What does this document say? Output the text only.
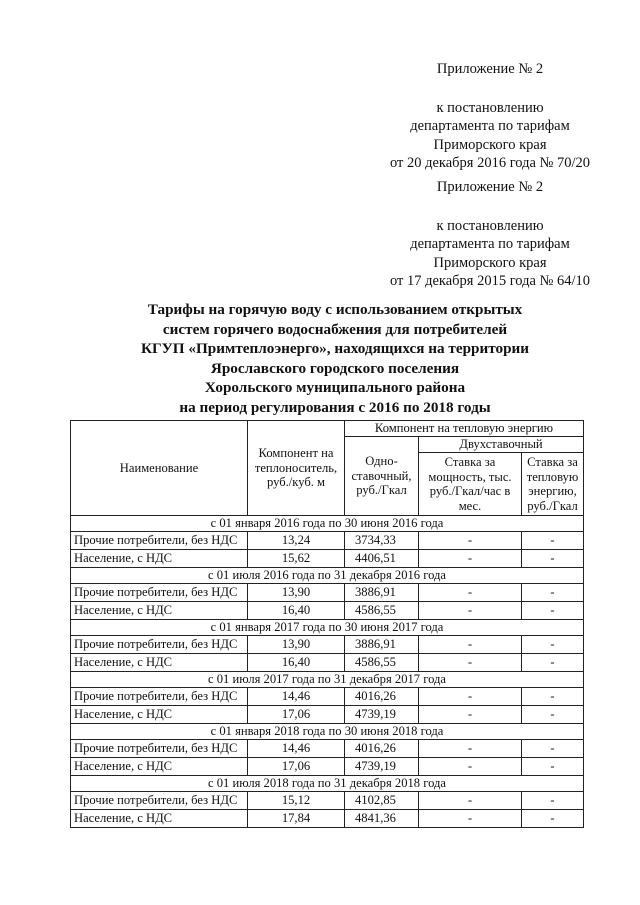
Приложение № 2
к постановлению
департамента по тарифам
Приморского края
от 20 декабря 2016 года № 70/20
Приложение № 2
к постановлению
департамента по тарифам
Приморского края
от 17 декабря 2015 года № 64/10
Тарифы на горячую воду с использованием открытых
систем горячего водоснабжения для потребителей
КГУП «Примтеплоэнерго», находящихся на территории
Ярославского городского поселения
Хорольского муниципального района
на период регулирования с 2016 по 2018 годы
Наименование	Компонент на теплоноситель, руб./куб. м	Компонент на тепловую энергию		
		Одно-ставочный, руб./Гкал	Двухставочный	
			Ставка за мощность, тыс. руб./Гкал/час в мес.	Ставка за тепловую энергию, руб./Гкал
с 01 января 2016 года по 30 июня 2016 года				
Прочие потребители, без НДС	13,24	3734,33	-	-
Население, с НДС	15,62	4406,51	-	-
с 01 июля 2016 года по 31 декабря 2016 года				
Прочие потребители, без НДС	13,90	3886,91	-	-
Население, с НДС	16,40	4586,55	-	-
с 01 января 2017 года по 30 июня 2017 года				
Прочие потребители, без НДС	13,90	3886,91	-	-
Население, с НДС	16,40	4586,55	-	-
с 01 июля 2017 года по 31 декабря 2017 года				
Прочие потребители, без НДС	14,46	4016,26	-	-
Население, с НДС	17,06	4739,19	-	-
с 01 января 2018 года по 30 июня 2018 года				
Прочие потребители, без НДС	14,46	4016,26	-	-
Население, с НДС	17,06	4739,19	-	-
с 01 июля 2018 года по 31 декабря 2018 года				
Прочие потребители, без НДС	15,12	4102,85	-	-
Население, с НДС	17,84	4841,36	-	-
